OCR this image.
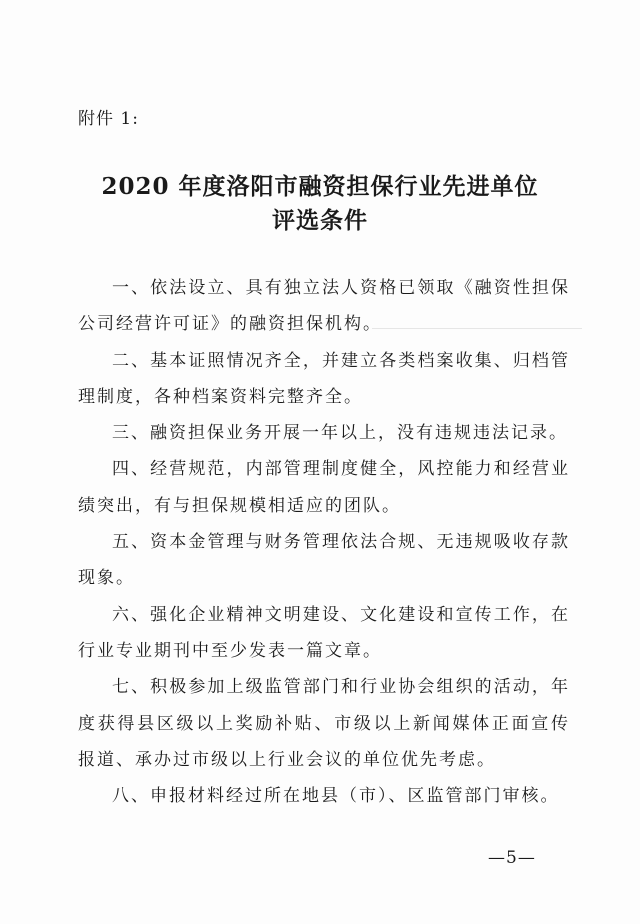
附件 1:
2020 年度洛阳市融资担保行业先进单位
评选条件

一、依法设立、具有独立法人资格已领取《融资性担保公司经营许可证》的融资担保机构。

二、基本证照情况齐全，并建立各类档案收集、归档管理制度，各种档案资料完整齐全。

三、融资担保业务开展一年以上，没有违规违法记录。

四、经营规范，内部管理制度健全，风控能力和经营业绩突出，有与担保规模相适应的团队。

五、资本金管理与财务管理依法合规、无违规吸收存款现象。

六、强化企业精神文明建设、文化建设和宣传工作，在行业专业期刊中至少发表一篇文章。

七、积极参加上级监管部门和行业协会组织的活动，年度获得县区级以上奖励补贴、市级以上新闻媒体正面宣传报道、承办过市级以上行业会议的单位优先考虑。

八、申报材料经过所在地县（市）、区监管部门审核。

—5—
